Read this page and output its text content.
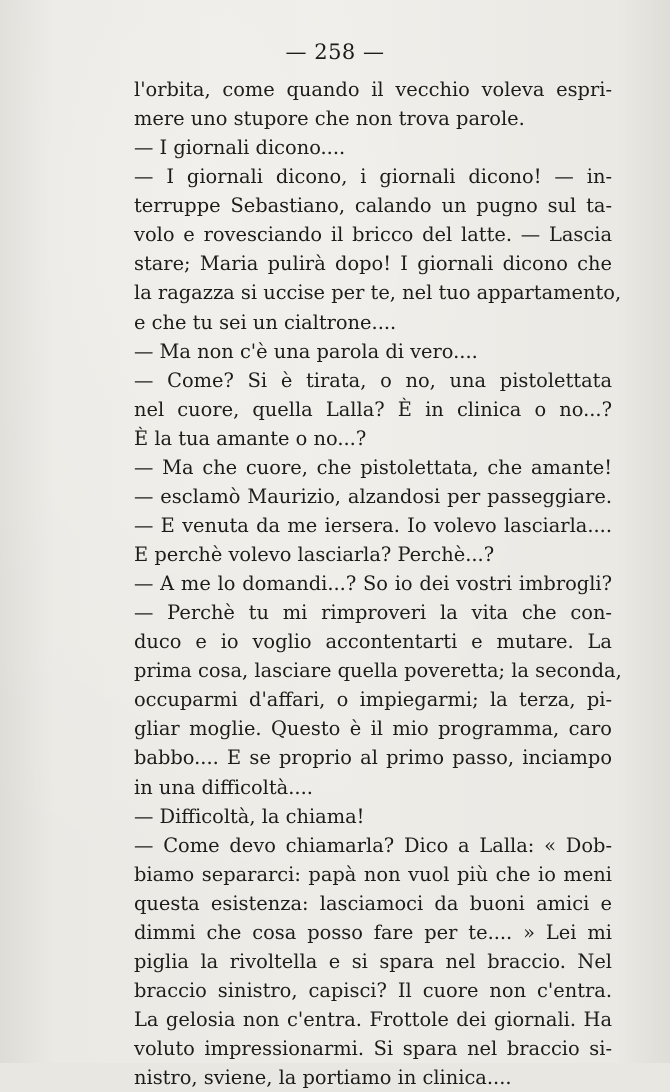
— 258 —
l'orbita, come quando il vecchio voleva espri-
mere uno stupore che non trova parole.
— I giornali dicono....
— I giornali dicono, i giornali dicono! — in-
terruppe Sebastiano, calando un pugno sul ta-
volo e rovesciando il bricco del latte. — Lascia
stare; Maria pulirà dopo! I giornali dicono che
la ragazza si uccise per te, nel tuo appartamento,
e che tu sei un cialtrone....
— Ma non c'è una parola di vero....
— Come? Si è tirata, o no, una pistolettata
nel cuore, quella Lalla? È in clinica o no...?
È la tua amante o no...?
— Ma che cuore, che pistolettata, che amante!
— esclamò Maurizio, alzandosi per passeggiare.
— E venuta da me iersera. Io volevo lasciarla....
E perchè volevo lasciarla? Perchè...?
— A me lo domandi...? So io dei vostri imbrogli?
— Perchè tu mi rimproveri la vita che con-
duco e io voglio accontentarti e mutare. La
prima cosa, lasciare quella poveretta; la seconda,
occuparmi d'affari, o impiegarmi; la terza, pi-
gliar moglie. Questo è il mio programma, caro
babbo.... E se proprio al primo passo, inciampo
in una difficoltà....
— Difficoltà, la chiama!
— Come devo chiamarla? Dico a Lalla: « Dob-
biamo separarci: papà non vuol più che io meni
questa esistenza: lasciamoci da buoni amici e
dimmi che cosa posso fare per te.... » Lei mi
piglia la rivoltella e si spara nel braccio. Nel
braccio sinistro, capisci? Il cuore non c'entra.
La gelosia non c'entra. Frottole dei giornali. Ha
voluto impressionarmi. Si spara nel braccio si-
nistro, sviene, la portiamo in clinica....
